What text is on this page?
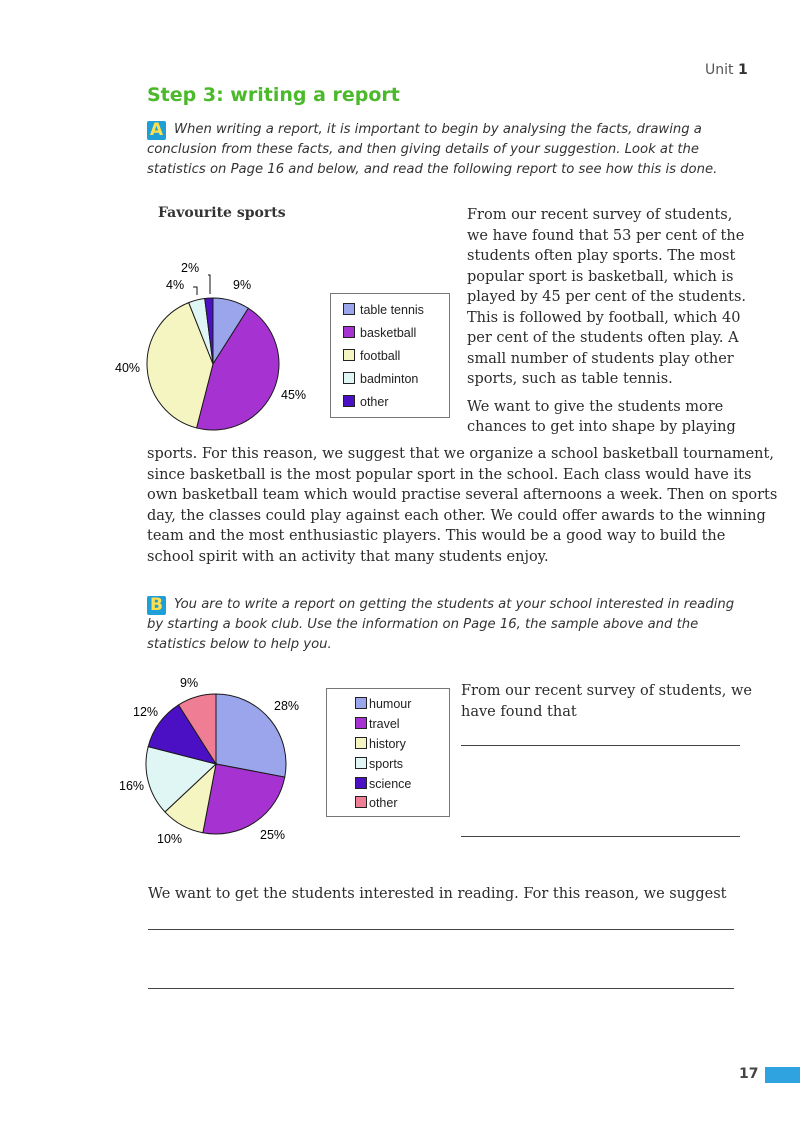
Unit 1
Step 3: writing a report
A When writing a report, it is important to begin by analysing the facts, drawing a conclusion from these facts, and then giving details of your suggestion. Look at the statistics on Page 16 and below, and read the following report to see how this is done.
Favourite sports
2%
4%	9%
45%
40%
table tennis
basketball
football
badminton
other
From our recent survey of students,
we have found that 53 per cent of the
students often play sports. The most
popular sport is basketball, which is
played by 45 per cent of the students.
This is followed by football, which 40
per cent of the students often play. A
small number of students play other
sports, such as table tennis.
We want to give the students more
chances to get into shape by playing
sports. For this reason, we suggest that we organize a school basketball tournament,
since basketball is the most popular sport in the school. Each class would have its
own basketball team which would practise several afternoons a week. Then on sports
day, the classes could play against each other. We could offer awards to the winning
team and the most enthusiastic players. This would be a good way to build the
school spirit with an activity that many students enjoy.
B You are to write a report on getting the students at your school interested in reading by starting a book club. Use the information on Page 16, the sample above and the statistics below to help you.
9%
12%	28%
16%
10%	25%
humour
travel
history
sports
science
other
From our recent survey of students, we
have found that
We want to get the students interested in reading. For this reason, we suggest
17
